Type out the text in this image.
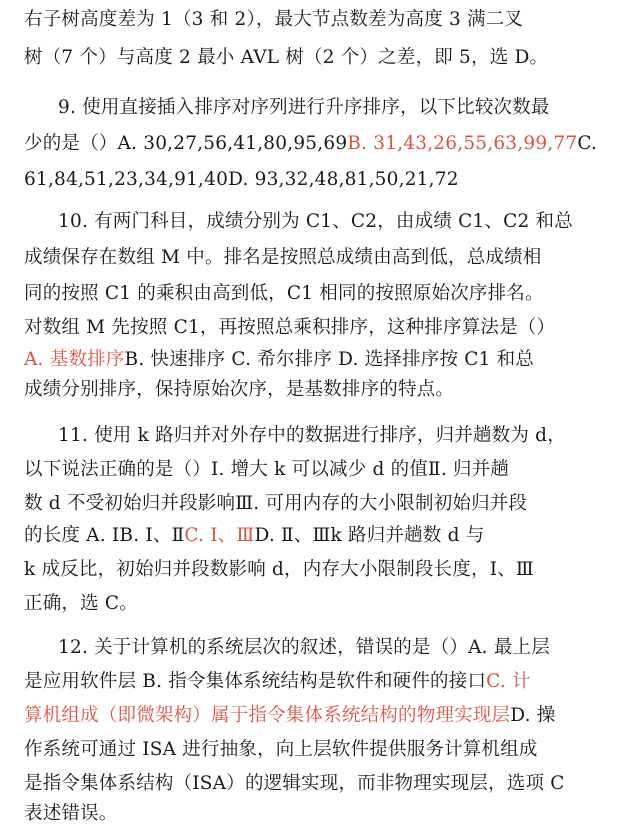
右子树高度差为 1（3 和 2），最大节点数差为高度 3 满二叉
树（7 个）与高度 2 最小 AVL 树（2 个）之差，即 5，选 D。
9. 使用直接插入排序对序列进行升序排序，以下比较次数最
少的是（）A. 30,27,56,41,80,95,69B. 31,43,26,55,63,99,77C.
61,84,51,23,34,91,40D. 93,32,48,81,50,21,72
10. 有两门科目，成绩分别为 C1、C2，由成绩 C1、C2 和总
成绩保存在数组 M 中。排名是按照总成绩由高到低，总成绩相
同的按照 C1 的乘积由高到低，C1 相同的按照原始次序排名。
对数组 M 先按照 C1，再按照总乘积排序，这种排序算法是（）
A. 基数排序B. 快速排序 C. 希尔排序 D. 选择排序按 C1 和总
成绩分别排序，保持原始次序，是基数排序的特点。
11. 使用 k 路归并对外存中的数据进行排序，归并趟数为 d，
以下说法正确的是（）Ⅰ. 增大 k 可以减少 d 的值Ⅱ. 归并趟
数 d 不受初始归并段影响Ⅲ. 可用内存的大小限制初始归并段
的长度 A. ⅠB. Ⅰ、ⅡC. Ⅰ、ⅢD. Ⅱ、Ⅲk 路归并趟数 d 与
k 成反比，初始归并段数影响 d，内存大小限制段长度，Ⅰ、Ⅲ
正确，选 C。
12. 关于计算机的系统层次的叙述，错误的是（）A. 最上层
是应用软件层 B. 指令集体系统结构是软件和硬件的接口C. 计
算机组成（即微架构）属于指令集体系统结构的物理实现层D. 操
作系统可通过 ISA 进行抽象，向上层软件提供服务计算机组成
是指令集体系结构（ISA）的逻辑实现，而非物理实现层，选项 C
表述错误。
